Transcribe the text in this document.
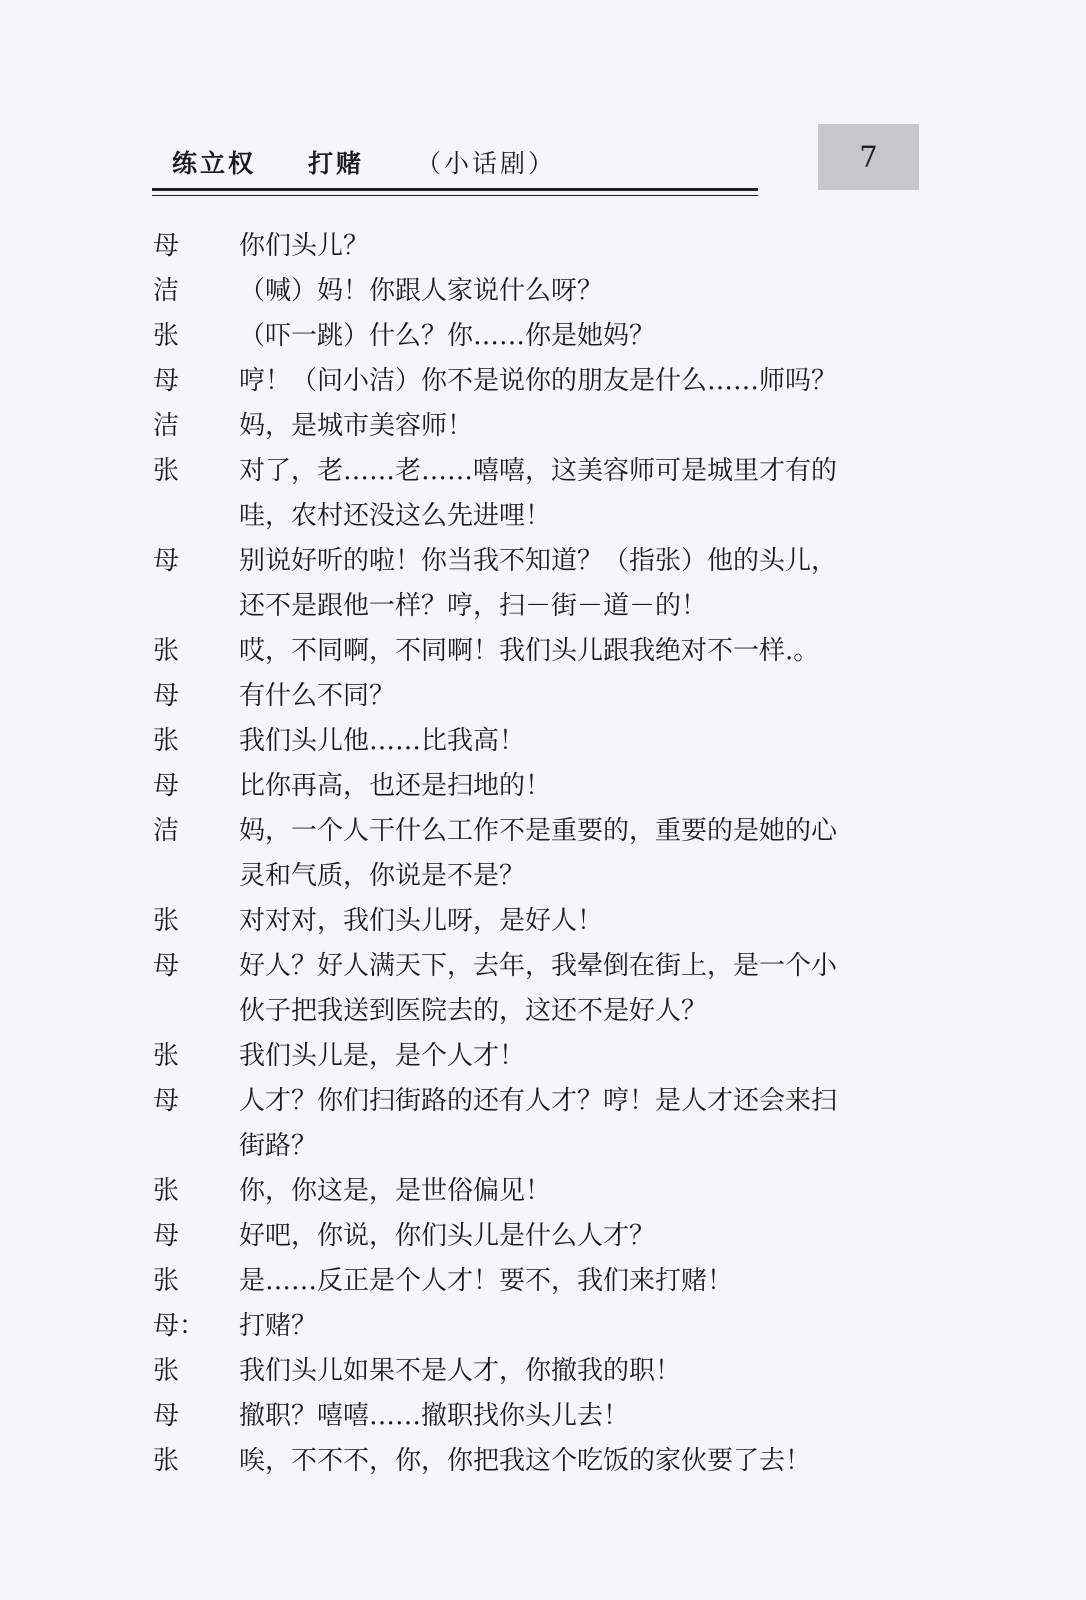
练立权 打赌 （小话剧）	7
母	你们头儿？
洁	（喊）妈！你跟人家说什么呀？
张	（吓一跳）什么？你……你是她妈？
母	哼！（问小洁）你不是说你的朋友是什么……师吗？
洁	妈，是城市美容师！
张	对了，老……老……嘻嘻，这美容师可是城里才有的
哇，农村还没这么先进哩！
母	别说好听的啦！你当我不知道？（指张）他的头儿，
还不是跟他一样？哼，扫－街－道－的！
张	哎，不同啊，不同啊！我们头儿跟我绝对不一样.。
母	有什么不同？
张	我们头儿他……比我高！
母	比你再高，也还是扫地的！
洁	妈，一个人干什么工作不是重要的，重要的是她的心
灵和气质，你说是不是？
张	对对对，我们头儿呀，是好人！
母	好人？好人满天下，去年，我晕倒在街上，是一个小
伙子把我送到医院去的，这还不是好人？
张	我们头儿是，是个人才！
母	人才？你们扫街路的还有人才？哼！是人才还会来扫
街路？
张	你，你这是，是世俗偏见！
母	好吧，你说，你们头儿是什么人才？
张	是……反正是个人才！要不，我们来打赌！
母：	打赌？
张	我们头儿如果不是人才，你撤我的职！
母	撤职？嘻嘻……撤职找你头儿去！
张	唉，不不不，你，你把我这个吃饭的家伙要了去！
